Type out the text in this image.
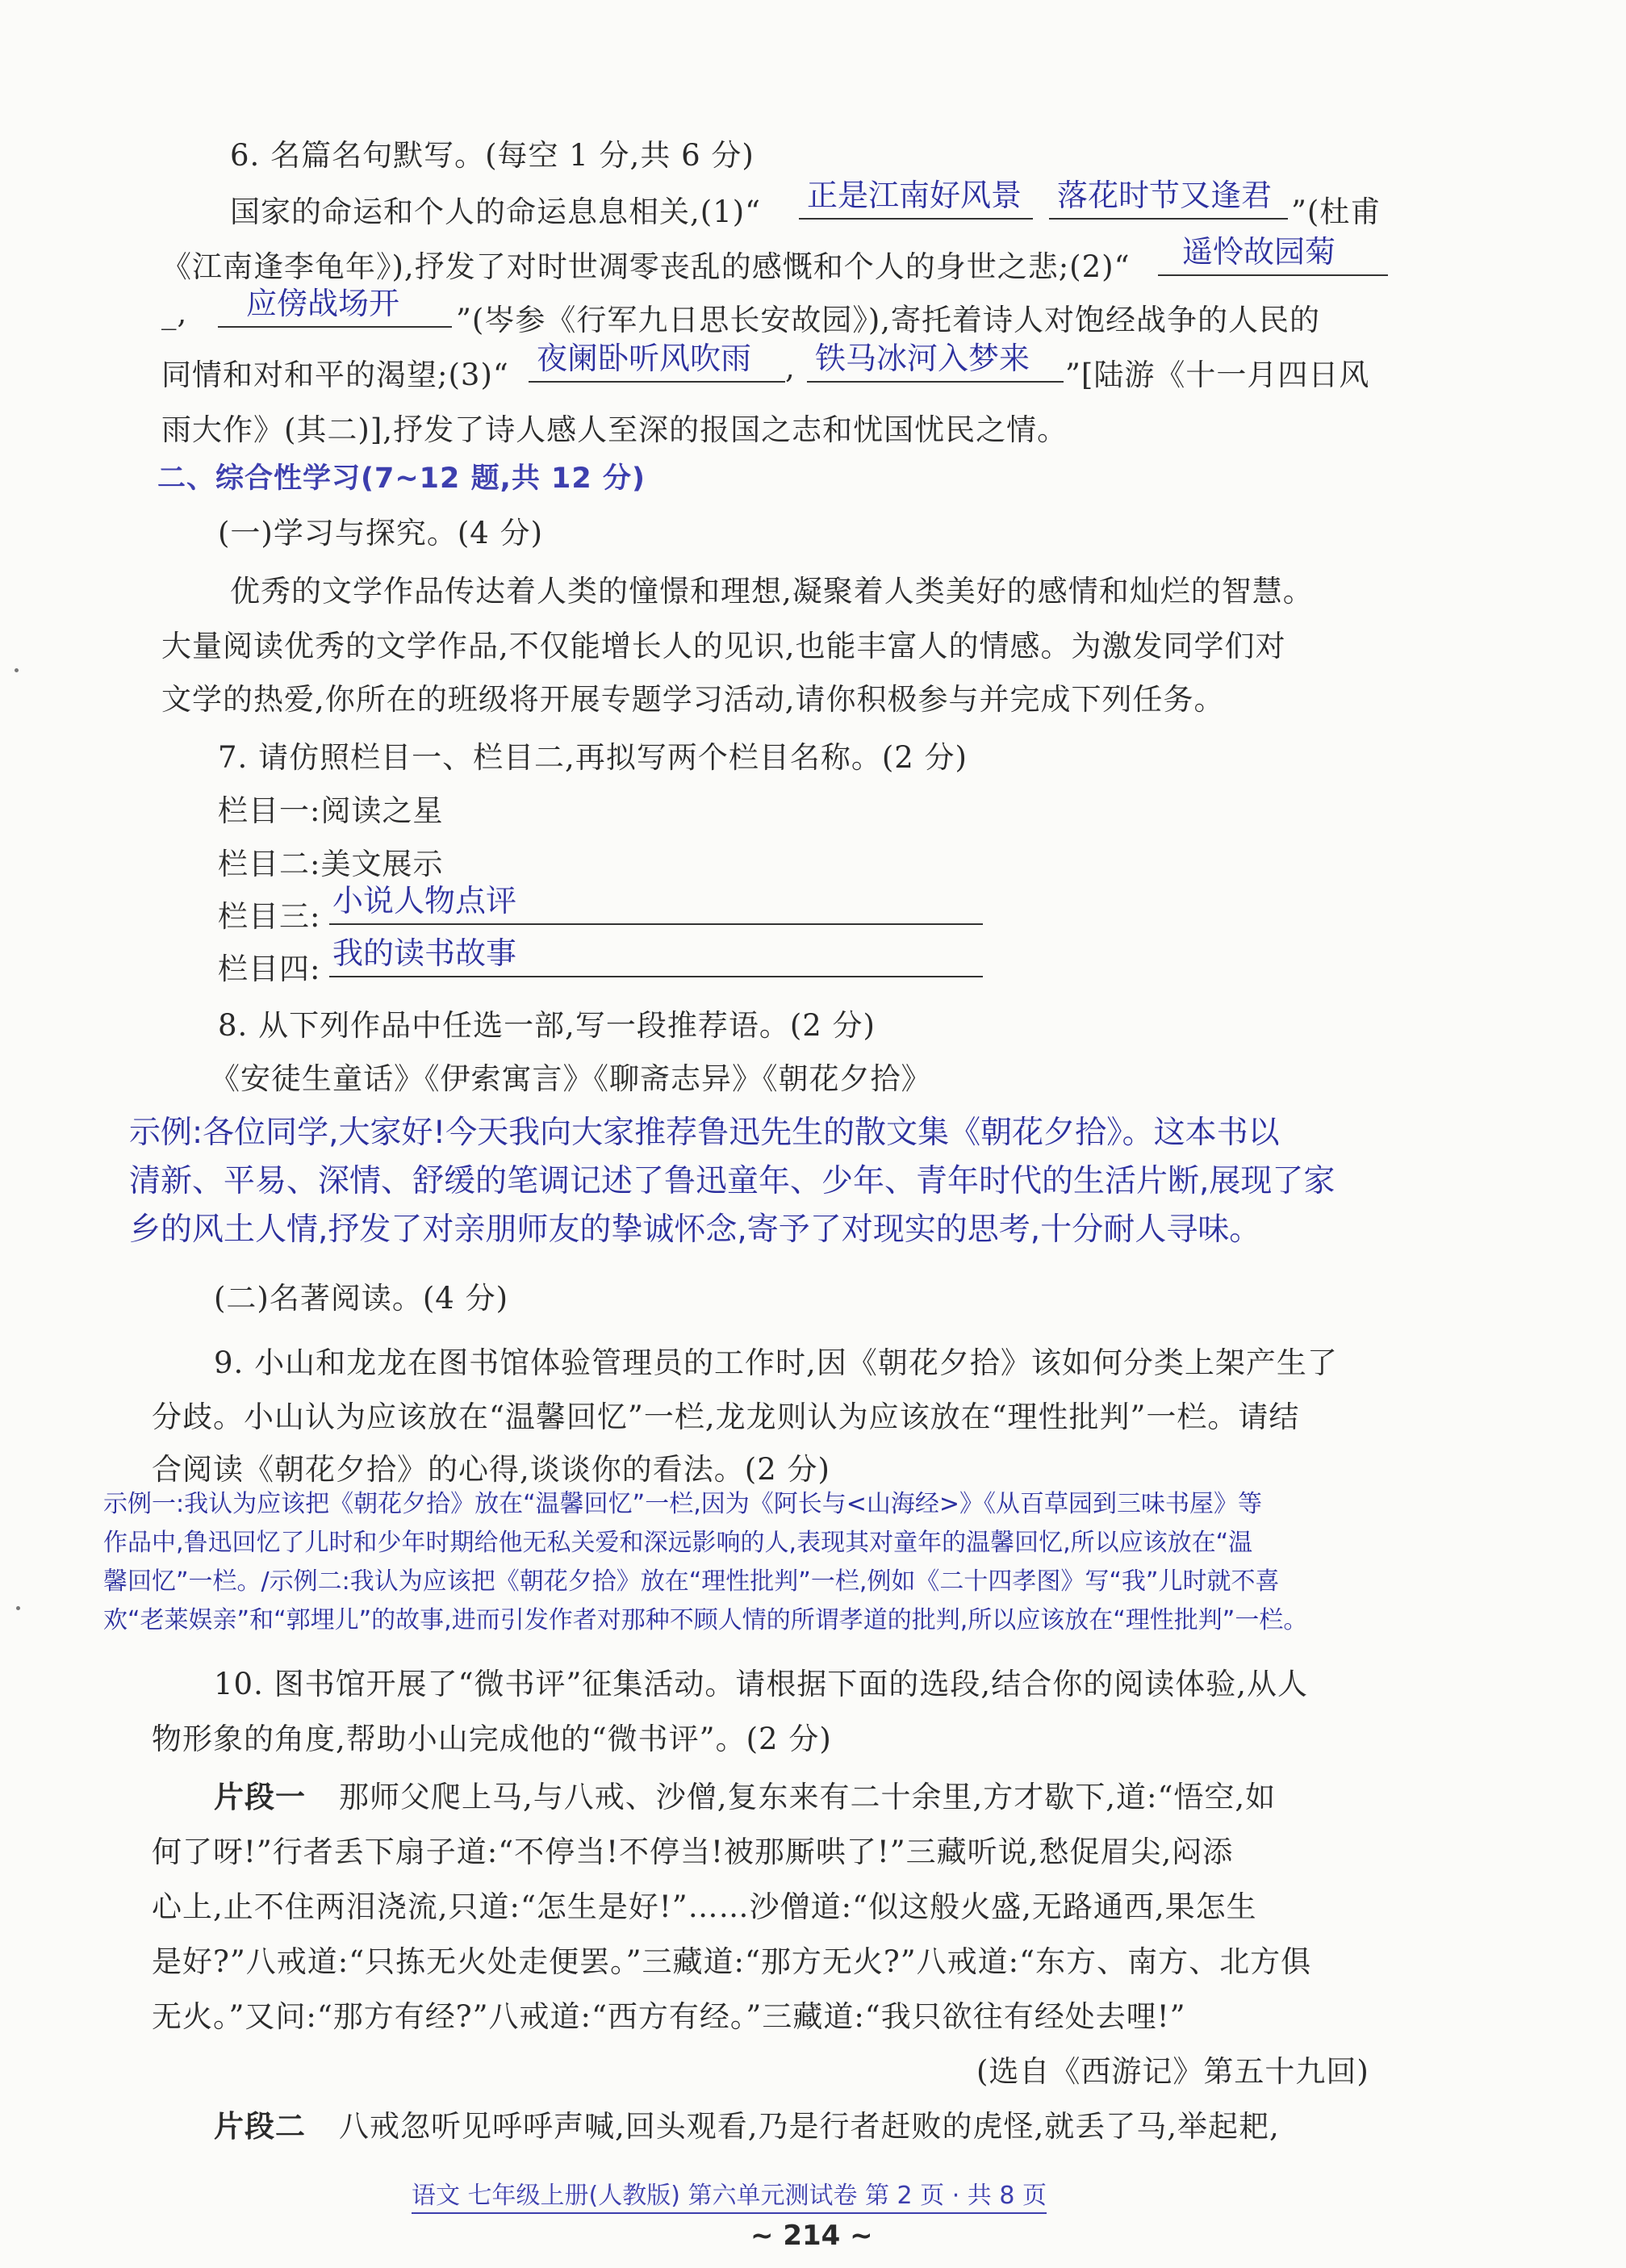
6. 名篇名句默写。(每空 1 分,共 6 分)
国家的命运和个人的命运息息相关,(1)“ 正是江南好风景	落花时节又逢君 ”(杜甫
《江南逢李龟年》),抒发了对时世凋零丧乱的感慨和个人的身世之悲;(2)“	遥怜故园菊
_,	应傍战场开	”(岑参《行军九日思长安故园》),寄托着诗人对饱经战争的人民的
同情和对和平的渴望;(3)“ 夜阑卧听风吹雨	, 铁马冰河入梦来	”[陆游《十一月四日风
雨大作》(其二)],抒发了诗人感人至深的报国之志和忧国忧民之情。
二、综合性学习(7~12 题,共 12 分)
(一)学习与探究。(4 分)
优秀的文学作品传达着人类的憧憬和理想,凝聚着人类美好的感情和灿烂的智慧。
大量阅读优秀的文学作品,不仅能增长人的见识,也能丰富人的情感。为激发同学们对
文学的热爱,你所在的班级将开展专题学习活动,请你积极参与并完成下列任务。
7. 请仿照栏目一、栏目二,再拟写两个栏目名称。(2 分)
栏目一:阅读之星
栏目二:美文展示
栏目三: 小说人物点评
栏目四: 我的读书故事
8. 从下列作品中任选一部,写一段推荐语。(2 分)
《安徒生童话》《伊索寓言》《聊斋志异》《朝花夕拾》
示例:各位同学,大家好!今天我向大家推荐鲁迅先生的散文集《朝花夕拾》。这本书以
清新、平易、深情、舒缓的笔调记述了鲁迅童年、少年、青年时代的生活片断,展现了家
乡的风土人情,抒发了对亲朋师友的挚诚怀念,寄予了对现实的思考,十分耐人寻味。
(二)名著阅读。(4 分)
9. 小山和龙龙在图书馆体验管理员的工作时,因《朝花夕拾》该如何分类上架产生了
分歧。小山认为应该放在“温馨回忆”一栏,龙龙则认为应该放在“理性批判”一栏。请结
合阅读《朝花夕拾》的心得,谈谈你的看法。(2 分)
示例一:我认为应该把《朝花夕拾》放在“温馨回忆”一栏,因为《阿长与<山海经>》《从百草园到三味书屋》等
作品中,鲁迅回忆了儿时和少年时期给他无私关爱和深远影响的人,表现其对童年的温馨回忆,所以应该放在“温
馨回忆”一栏。/示例二:我认为应该把《朝花夕拾》放在“理性批判”一栏,例如《二十四孝图》写“我”儿时就不喜
欢“老莱娱亲”和“郭埋儿”的故事,进而引发作者对那种不顾人情的所谓孝道的批判,所以应该放在“理性批判”一栏。
10. 图书馆开展了“微书评”征集活动。请根据下面的选段,结合你的阅读体验,从人
物形象的角度,帮助小山完成他的“微书评”。(2 分)
片段一 那师父爬上马,与八戒、沙僧,复东来有二十余里,方才歇下,道:“悟空,如
何了呀!”行者丢下扇子道:“不停当!不停当!被那厮哄了!”三藏听说,愁促眉尖,闷添
心上,止不住两泪浇流,只道:“怎生是好!”……沙僧道:“似这般火盛,无路通西,果怎生
是好?”八戒道:“只拣无火处走便罢。”三藏道:“那方无火?”八戒道:“东方、南方、北方俱
无火。”又问:“那方有经?”八戒道:“西方有经。”三藏道:“我只欲往有经处去哩!”
(选自《西游记》第五十九回)
片段二 八戒忽听见呼呼声喊,回头观看,乃是行者赶败的虎怪,就丢了马,举起耙,
语文 七年级上册(人教版) 第六单元测试卷 第 2 页 · 共 8 页
~ 214 ~
